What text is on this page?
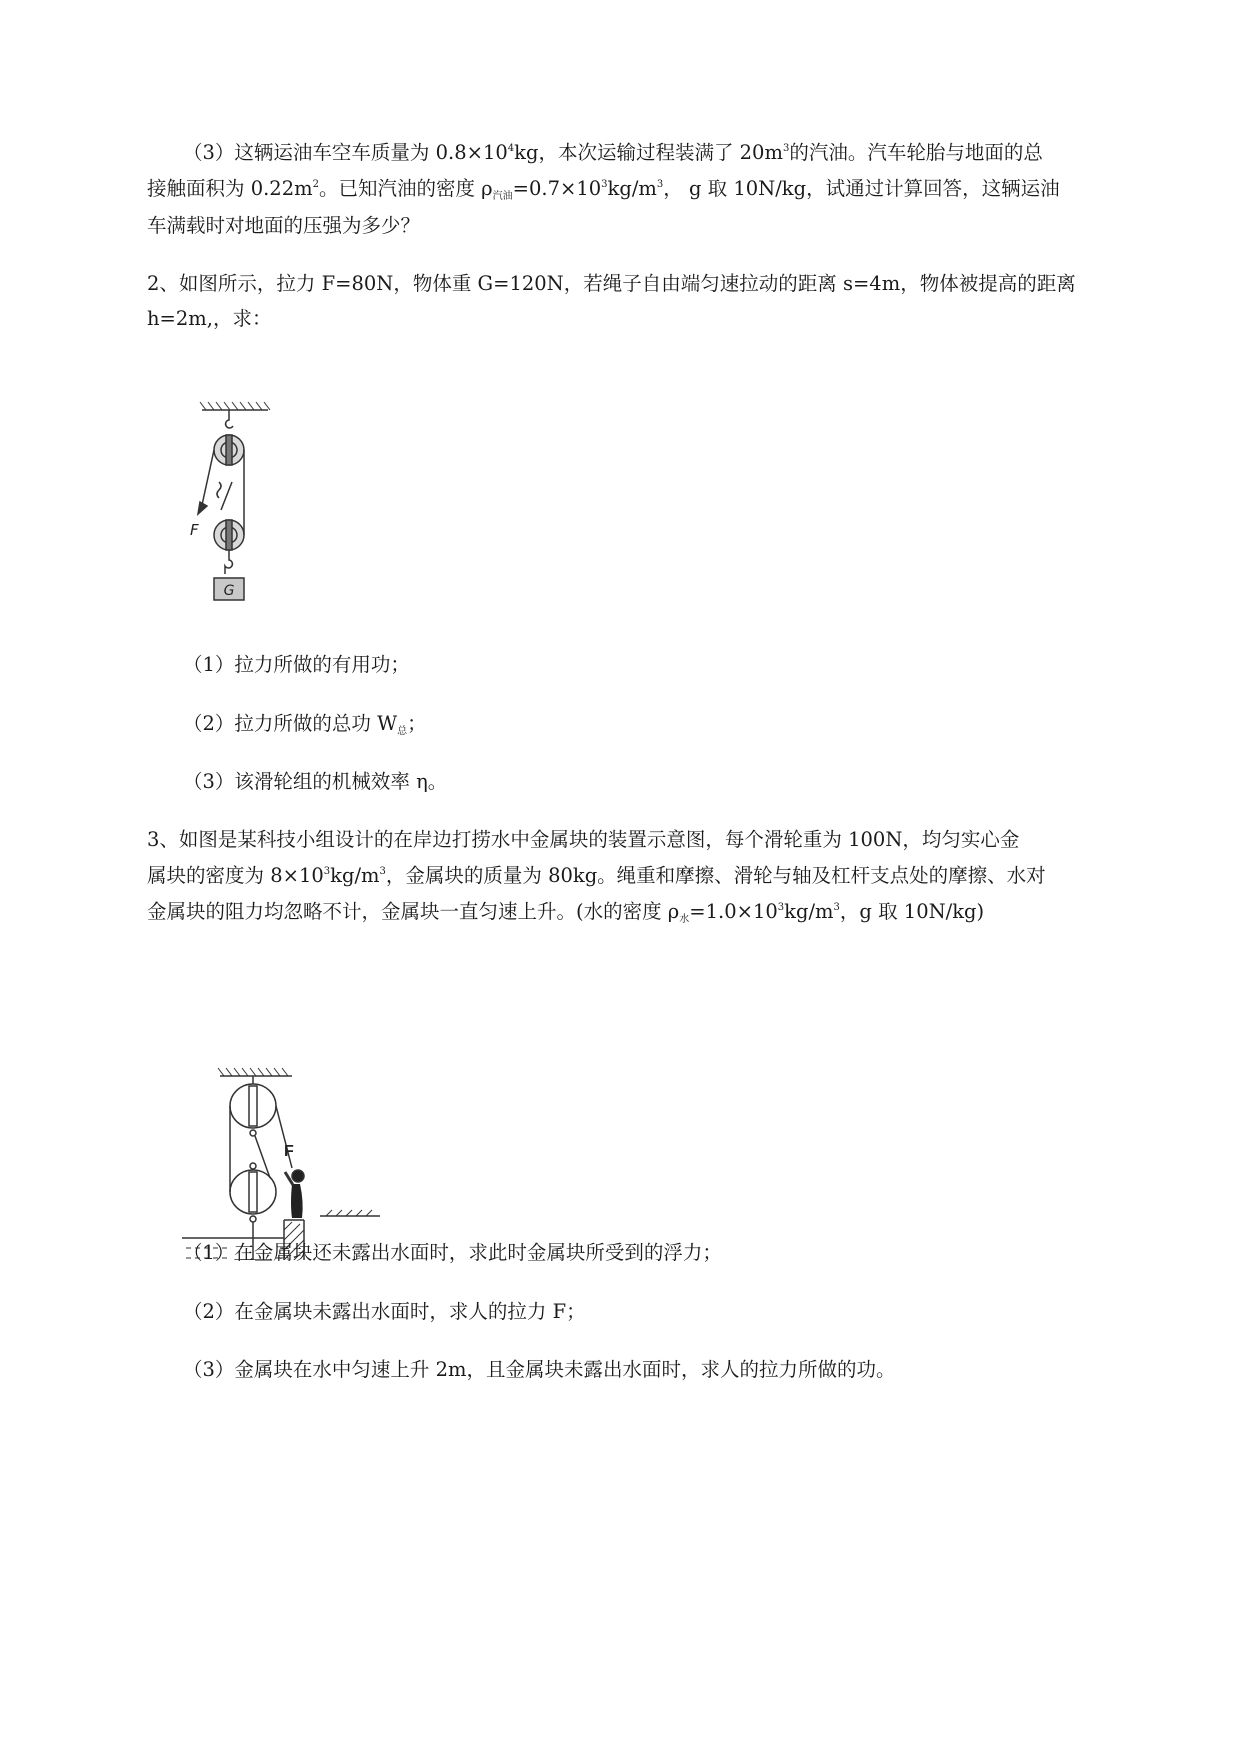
（3）这辆运油车空车质量为 $0.8\times 10^4kg$，本次运输过程装满了 $20m^3$的汽油。汽车轮胎与地面的总
接触面积为 $0.22m^2$。已知汽油的密度 $\rho_{汽油}=0.7\times 10^3kg/m^3$， g 取 10N/kg，试通过计算回答，这辆运油
车满载时对地面的压强为多少？
2、如图所示，拉力 F=80N，物体重 G=120N，若绳子自由端匀速拉动的距离 s=4m，物体被提高的距离
h=2m,，求：
F
G
（1）拉力所做的有用功；
（2）拉力所做的总功 $W_总$；
（3）该滑轮组的机械效率 η。
3、如图是某科技小组设计的在岸边打捞水中金属块的装置示意图，每个滑轮重为 100N，均匀实心金
属块的密度为 $8\times 10^3kg/m^3$，金属块的质量为 80kg。绳重和摩擦、滑轮与轴及杠杆支点处的摩擦、水对
金属块的阻力均忽略不计，金属块一直匀速上升。(水的密度 $\rho_水=1.0\times 10^3kg/m^3$，g 取 10N/kg)
F
（1）在金属块还未露出水面时，求此时金属块所受到的浮力；
（2）在金属块未露出水面时，求人的拉力 F；
（3）金属块在水中匀速上升 2m，且金属块未露出水面时，求人的拉力所做的功。
